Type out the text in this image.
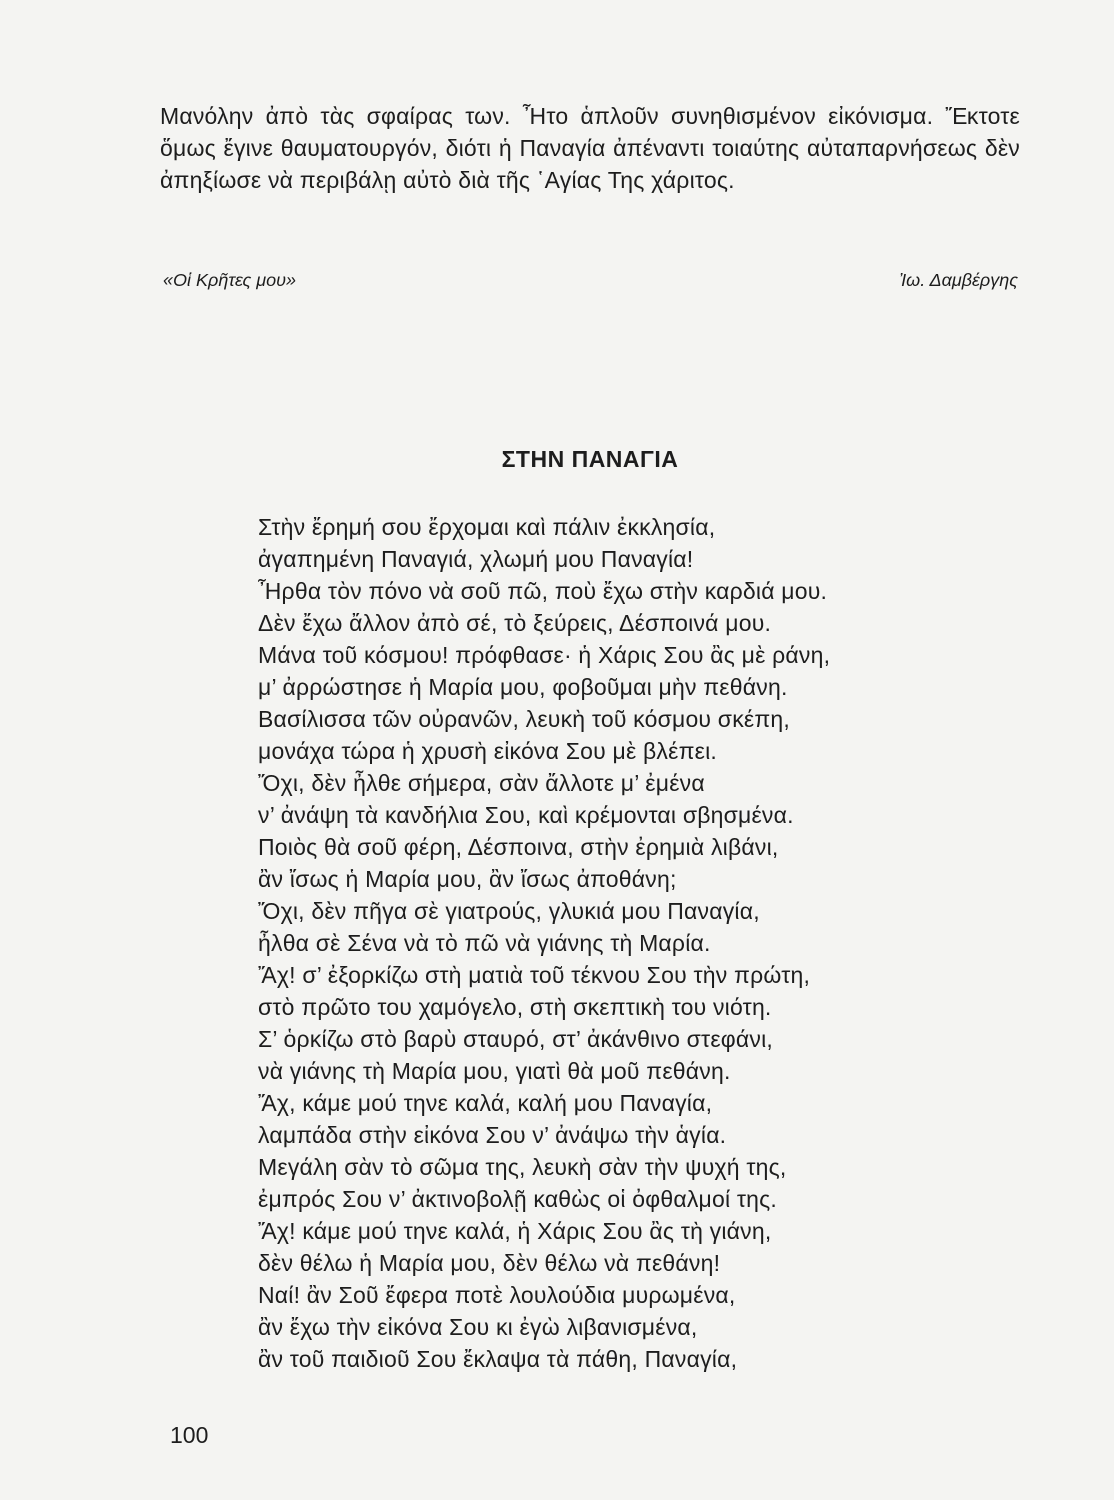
Μανόλην ἀπὸ τὰς σφαίρας των. Ἦτο ἁπλοῦν συνηθισμένον εἰκόνισμα. Ἔκτοτε ὅμως ἔγινε θαυματουργόν, διότι ἡ Παναγία ἀπέναντι τοιαύτης αὐταπαρνήσεως δὲν ἀπηξίωσε νὰ περιβάλῃ αὐτὸ διὰ τῆς ῾Αγίας Της χάριτος.

«Οἱ Κρῆτες μου»	Ἰω. Δαμβέργης
ΣΤΗΝ ΠΑΝΑΓΙΑ
Στὴν ἔρημή σου ἔρχομαι καὶ πάλιν ἐκκλησία,
ἀγαπημένη Παναγιά, χλωμή μου Παναγία!
Ἦρθα τὸν πόνο νὰ σοῦ πῶ, ποὺ ἔχω στὴν καρδιά μου.
Δὲν ἔχω ἄλλον ἀπὸ σέ, τὸ ξεύρεις, Δέσποινά μου.
Μάνα τοῦ κόσμου! πρόφθασε· ἡ Χάρις Σου ἂς μὲ ράνη,
μ’ ἀρρώστησε ἡ Μαρία μου, φοβοῦμαι μὴν πεθάνη.
Βασίλισσα τῶν οὐρανῶν, λευκὴ τοῦ κόσμου σκέπη,
μονάχα τώρα ἡ χρυσὴ εἰκόνα Σου μὲ βλέπει.
Ὄχι, δὲν ἦλθε σήμερα, σὰν ἄλλοτε μ’ ἐμένα
ν’ ἀνάψη τὰ κανδήλια Σου, καὶ κρέμονται σβησμένα.
Ποιὸς θὰ σοῦ φέρη, Δέσποινα, στὴν ἐρημιὰ λιβάνι,
ἂν ἴσως ἡ Μαρία μου, ἂν ἴσως ἀποθάνη;
Ὄχι, δὲν πῆγα σὲ γιατρούς, γλυκιά μου Παναγία,
ἦλθα σὲ Σένα νὰ τὸ πῶ νὰ γιάνης τὴ Μαρία.
Ἄχ! σ’ ἐξορκίζω στὴ ματιὰ τοῦ τέκνου Σου τὴν πρώτη,
στὸ πρῶτο του χαμόγελο, στὴ σκεπτικὴ του νιότη.
Σ’ ὁρκίζω στὸ βαρὺ σταυρό, στ’ ἀκάνθινο στεφάνι,
νὰ γιάνης τὴ Μαρία μου, γιατὶ θὰ μοῦ πεθάνη.
Ἄχ, κάμε μού τηνε καλά, καλή μου Παναγία,
λαμπάδα στὴν εἰκόνα Σου ν’ ἀνάψω τὴν ἁγία.
Μεγάλη σὰν τὸ σῶμα της, λευκὴ σὰν τὴν ψυχή της,
ἐμπρός Σου ν’ ἀκτινοβολῇ καθὼς οἱ ὀφθαλμοί της.
Ἄχ! κάμε μού τηνε καλά, ἡ Χάρις Σου ἂς τὴ γιάνη,
δὲν θέλω ἡ Μαρία μου, δὲν θέλω νὰ πεθάνη!
Ναί! ἂν Σοῦ ἔφερα ποτὲ λουλούδια μυρωμένα,
ἂν ἔχω τὴν εἰκόνα Σου κι ἐγὼ λιβανισμένα,
ἂν τοῦ παιδιοῦ Σου ἔκλαψα τὰ πάθη, Παναγία,
100
